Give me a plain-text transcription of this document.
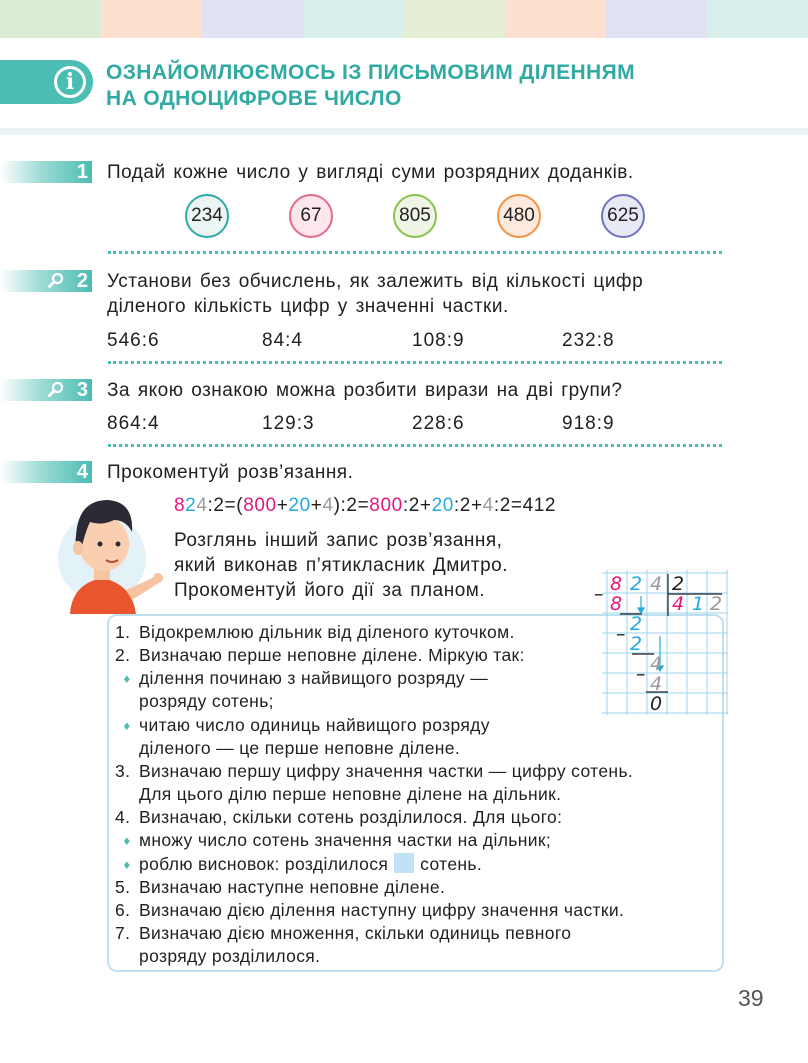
i	ОЗНАЙОМЛЮЄМОСЬ ІЗ ПИСЬМОВИМ ДІЛЕННЯМ
НА ОДНОЦИФРОВЕ ЧИСЛО
1 Подай кожне число у вигляді суми розрядних доданків.
234	67	805	480	625
2 Установи без обчислень, як залежить від кількості цифр
діленого кількість цифр у значенні частки.
546:6	84:4	108:9	232:8
3 За якою ознакою можна розбити вирази на дві групи?
864:4	129:3	228:6	918:9
4 Прокоментуй розв’язання.
824:2=(800+20+4):2=800:2+20:2+4:2=412
Розглянь інший запис розв’язання,
який виконав п’ятикласник Дмитро.
Прокоментуй його дії за планом.
1. Відокремлюю дільник від діленого куточком.
2. Визначаю перше неповне ділене. Міркую так:
♦ ділення починаю з найвищого розряду —
розряду сотень;
♦ читаю число одиниць найвищого розряду
діленого — це перше неповне ділене.
3. Визначаю першу цифру значення частки — цифру сотень.
Для цього ділю перше неповне ділене на дільник.
4. Визначаю, скільки сотень розділилося. Для цього:
♦ множу число сотень значення частки на дільник;
♦ роблю висновок: розділилося сотень.
5. Визначаю наступне неповне ділене.
6. Визначаю дією ділення наступну цифру значення частки.
7. Визначаю дією множення, скільки одиниць певного
розряду розділилося.
8 2 4 2
– 8	4 1 2
– 2
2
– 4
4
0
39
